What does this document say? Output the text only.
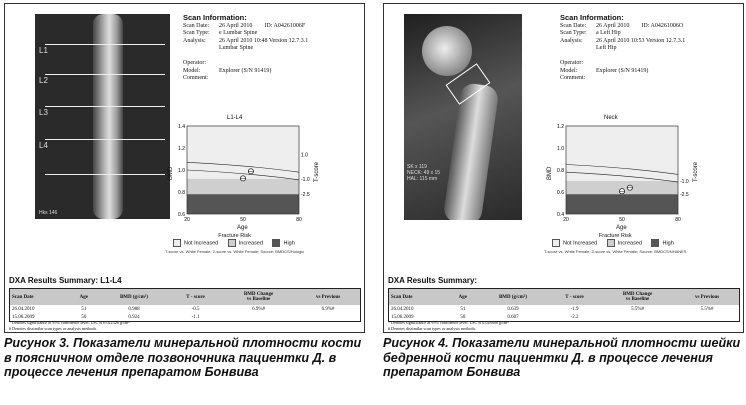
L1
L2
L3
L4
Hks 146
Scan Information:
Scan Date: 26 April 2010 ID: A04261006F
Scan Type: e Lumbar Spine
Analysis: 26 April 2010 10:48 Version 12.7.3.1
Lumbar Spine

Operator:
Model:	Explorer (S/N 91419)
Comment:
L1-L4
1.4
1.2
1.0
0.8
0.6
20	50	80
1.0
-1.0
-2.5
BMD	T-score
Age
Fracture Risk
Not Increased	Increased	High
T-score vs. White Female; Z-score vs. White Female; Source: BMDCS/Hologic
DXA Results Summary: L1-L4
Scan Date	Age	BMD (g/cm²)	T - score	BMD Change
vs Baseline	vs Previous
26.04.2010	51	0.988	-0.5	6.9%#	6.9%#
15.06.2009	50	0.924	-1.1		
* Denotes significance at 95% confidence level. LSC is 0.022326 g/cm²
# Denotes dissimilar scan types or analysis methods.
SK x 119
NECK: 49 x 15
HAL: 115 mm
Scan Information:
Scan Date: 26 April 2010 ID: A04261006O
Scan Type: a Left Hip
Analysis: 26 April 2010 10:53 Version 12.7.3.1
Left Hip

Operator:
Model:	Explorer (S/N 91419)
Comment:
Neck
1.2
1.0
0.8
0.6
0.4
20	50	80
-1.0
-2.5
BMD	T-score
Age
Fracture Risk
Not Increased	Increased	High
T-score vs. White Female; Z-score vs. White Female; Source: BMDCS/NHANES
DXA Results Summary:
Scan Date	Age	BMD (g/cm²)	T - score	BMD Change
vs Baseline	vs Previous
26.04.2010	51	0.639	-1.9	5.5%#	5.5%#
15.06.2009	50	0.607	-2.2		
* Denotes significance at 95% confidence level. LSC is 0.028808 g/cm²
# Denotes dissimilar scan types or analysis methods.
Рисунок 3. Показатели минеральной плотности кости в поясничном отделе позвоночника пациентки Д. в процессе лечения препаратом Бонвива
Рисунок 4. Показатели минеральной плотности шейки бедренной кости пациентки Д. в процессе лечения препаратом Бонвива
